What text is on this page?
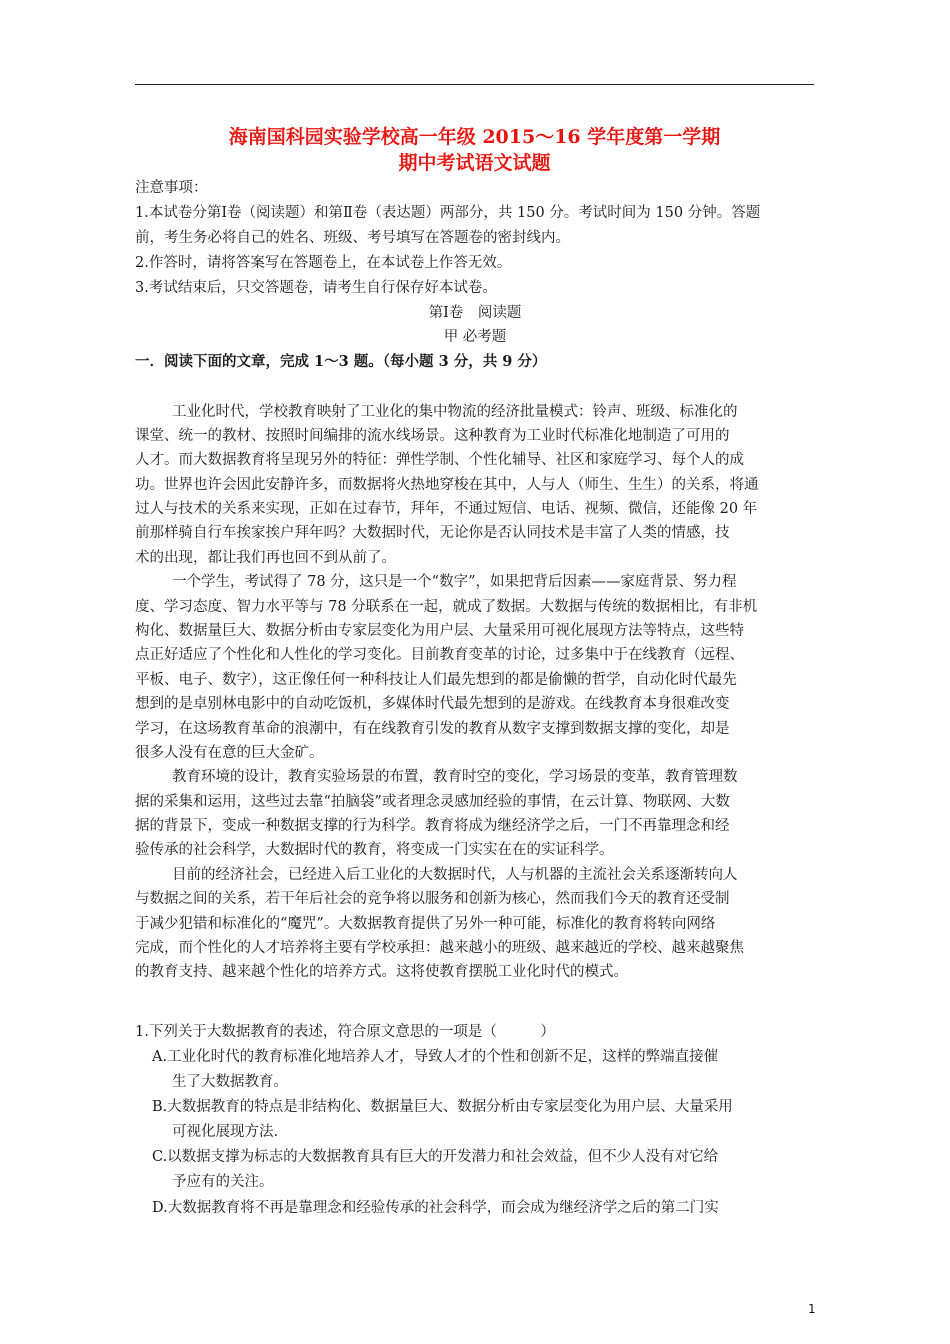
海南国科园实验学校高一年级 2015～16 学年度第一学期
期中考试语文试题
注意事项：
1.本试卷分第Ⅰ卷（阅读题）和第Ⅱ卷（表达题）两部分，共 150 分。考试时间为 150 分钟。答题
前，考生务必将自己的姓名、班级、考号填写在答题卷的密封线内。
2.作答时，请将答案写在答题卷上，在本试卷上作答无效。
3.考试结束后，只交答题卷，请考生自行保存好本试卷。
第Ⅰ卷　阅读题
甲 必考题
一．阅读下面的文章，完成 1～3 题。（每小题 3 分，共 9 分）
工业化时代，学校教育映射了工业化的集中物流的经济批量模式：铃声、班级、标准化的
课堂、统一的教材、按照时间编排的流水线场景。这种教育为工业时代标准化地制造了可用的
人才。而大数据教育将呈现另外的特征：弹性学制、个性化辅导、社区和家庭学习、每个人的成
功。世界也许会因此安静许多，而数据将火热地穿梭在其中，人与人（师生、生生）的关系，将通
过人与技术的关系来实现，正如在过春节，拜年，不通过短信、电话、视频、微信，还能像 20 年
前那样骑自行车挨家挨户拜年吗？大数据时代，无论你是否认同技术是丰富了人类的情感，技
术的出现，都让我们再也回不到从前了。
一个学生，考试得了 78 分，这只是一个“数字”，如果把背后因素——家庭背景、努力程
度、学习态度、智力水平等与 78 分联系在一起，就成了数据。大数据与传统的数据相比，有非机
构化、数据量巨大、数据分析由专家层变化为用户层、大量采用可视化展现方法等特点，这些特
点正好适应了个性化和人性化的学习变化。目前教育变革的讨论，过多集中于在线教育（远程、
平板、电子、数字），这正像任何一种科技让人们最先想到的都是偷懒的哲学，自动化时代最先
想到的是卓别林电影中的自动吃饭机，多媒体时代最先想到的是游戏。在线教育本身很难改变
学习，在这场教育革命的浪潮中，有在线教育引发的教育从数字支撑到数据支撑的变化，却是
很多人没有在意的巨大金矿。
教育环境的设计，教育实验场景的布置，教育时空的变化，学习场景的变革，教育管理数
据的采集和运用，这些过去靠“拍脑袋”或者理念灵感加经验的事情，在云计算、物联网、大数
据的背景下，变成一种数据支撑的行为科学。教育将成为继经济学之后，一门不再靠理念和经
验传承的社会科学，大数据时代的教育，将变成一门实实在在的实证科学。
目前的经济社会，已经进入后工业化的大数据时代，人与机器的主流社会关系逐渐转向人
与数据之间的关系，若干年后社会的竞争将以服务和创新为核心，然而我们今天的教育还受制
于减少犯错和标准化的“魔咒”。大数据教育提供了另外一种可能，标准化的教育将转向网络
完成，而个性化的人才培养将主要有学校承担：越来越小的班级、越来越近的学校、越来越聚焦
的教育支持、越来越个性化的培养方式。这将使教育摆脱工业化时代的模式。
1.下列关于大数据教育的表述，符合原文意思的一项是（　　　）
A.工业化时代的教育标准化地培养人才，导致人才的个性和创新不足，这样的弊端直接催
生了大数据教育。
B.大数据教育的特点是非结构化、数据量巨大、数据分析由专家层变化为用户层、大量采用
可视化展现方法.
C.以数据支撑为标志的大数据教育具有巨大的开发潜力和社会效益，但不少人没有对它给
予应有的关注。
D.大数据教育将不再是靠理念和经验传承的社会科学，而会成为继经济学之后的第二门实
1
